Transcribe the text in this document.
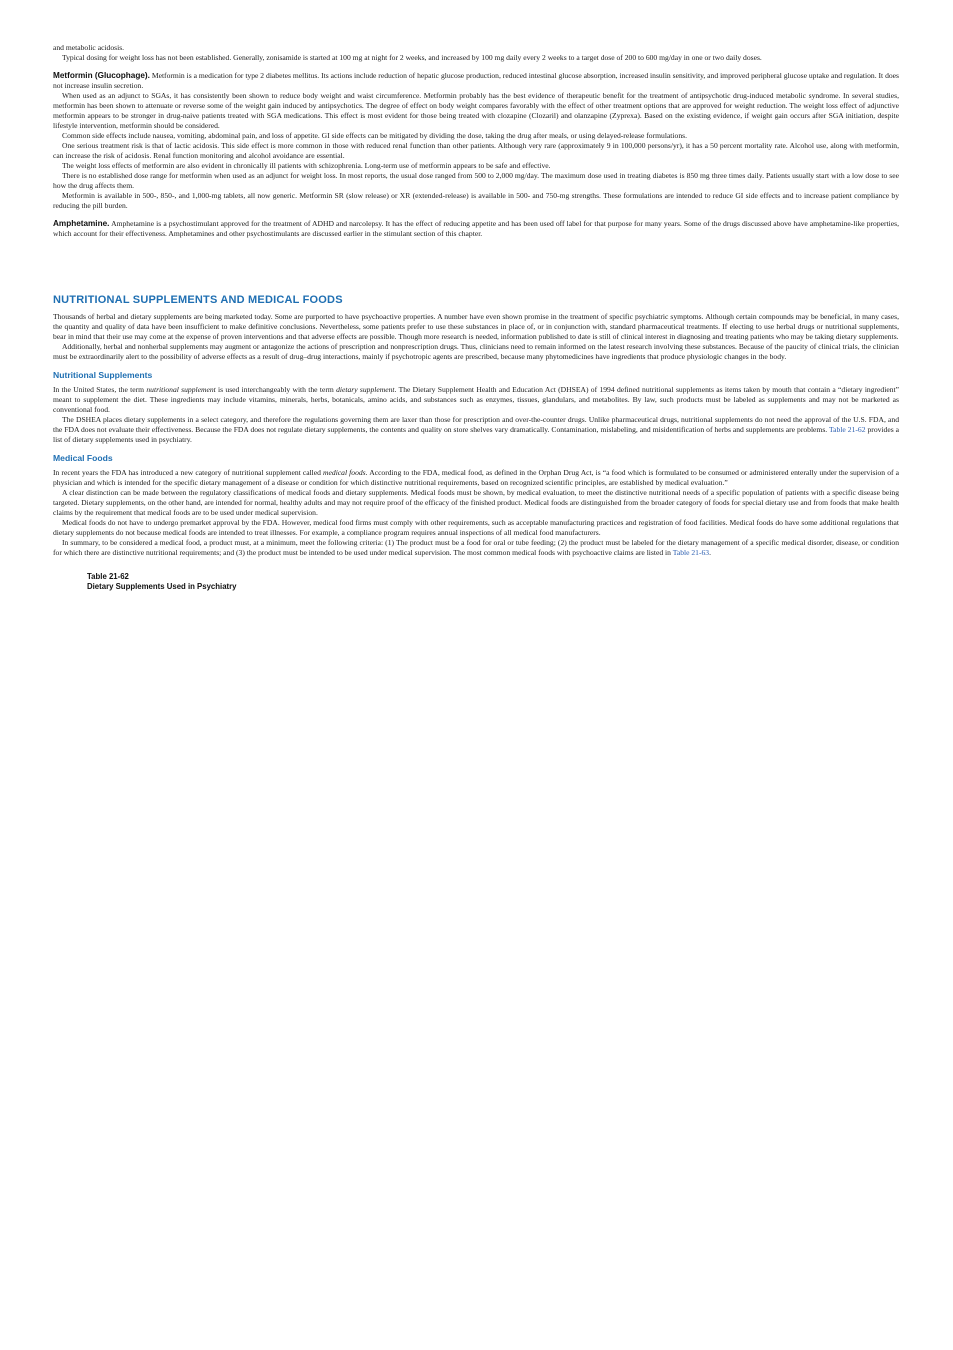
and metabolic acidosis.

Typical dosing for weight loss has not been established. Generally, zonisamide is started at 100 mg at night for 2 weeks, and increased by 100 mg daily every 2 weeks to a target dose of 200 to 600 mg/day in one or two daily doses.

Metformin (Glucophage). Metformin is a medication for type 2 diabetes mellitus. Its actions include reduction of hepatic glucose production, reduced intestinal glucose absorption, increased insulin sensitivity, and improved peripheral glucose uptake and regulation. It does not increase insulin secretion.

When used as an adjunct to SGAs, it has consistently been shown to reduce body weight and waist circumference. Metformin probably has the best evidence of therapeutic benefit for the treatment of antipsychotic drug-induced metabolic syndrome. In several studies, metformin has been shown to attenuate or reverse some of the weight gain induced by antipsychotics. The degree of effect on body weight compares favorably with the effect of other treatment options that are approved for weight reduction. The weight loss effect of adjunctive metformin appears to be stronger in drug-naive patients treated with SGA medications. This effect is most evident for those being treated with clozapine (Clozaril) and olanzapine (Zyprexa). Based on the existing evidence, if weight gain occurs after SGA initiation, despite lifestyle intervention, metformin should be considered.

Common side effects include nausea, vomiting, abdominal pain, and loss of appetite. GI side effects can be mitigated by dividing the dose, taking the drug after meals, or using delayed-release formulations.

One serious treatment risk is that of lactic acidosis. This side effect is more common in those with reduced renal function than other patients. Although very rare (approximately 9 in 100,000 persons/yr), it has a 50 percent mortality rate. Alcohol use, along with metformin, can increase the risk of acidosis. Renal function monitoring and alcohol avoidance are essential.

The weight loss effects of metformin are also evident in chronically ill patients with schizophrenia. Long-term use of metformin appears to be safe and effective.

There is no established dose range for metformin when used as an adjunct for weight loss. In most reports, the usual dose ranged from 500 to 2,000 mg/day. The maximum dose used in treating diabetes is 850 mg three times daily. Patients usually start with a low dose to see how the drug affects them.

Metformin is available in 500-, 850-, and 1,000-mg tablets, all now generic. Metformin SR (slow release) or XR (extended-release) is available in 500- and 750-mg strengths. These formulations are intended to reduce GI side effects and to increase patient compliance by reducing the pill burden.

Amphetamine. Amphetamine is a psychostimulant approved for the treatment of ADHD and narcolepsy. It has the effect of reducing appetite and has been used off label for that purpose for many years. Some of the drugs discussed above have amphetamine-like properties, which account for their effectiveness. Amphetamines and other psychostimulants are discussed earlier in the stimulant section of this chapter.

NUTRITIONAL SUPPLEMENTS AND MEDICAL FOODS

Thousands of herbal and dietary supplements are being marketed today. Some are purported to have psychoactive properties. A number have even shown promise in the treatment of specific psychiatric symptoms. Although certain compounds may be beneficial, in many cases, the quantity and quality of data have been insufficient to make definitive conclusions. Nevertheless, some patients prefer to use these substances in place of, or in conjunction with, standard pharmaceutical treatments. If electing to use herbal drugs or nutritional supplements, bear in mind that their use may come at the expense of proven interventions and that adverse effects are possible. Though more research is needed, information published to date is still of clinical interest in diagnosing and treating patients who may be taking dietary supplements.

Additionally, herbal and nonherbal supplements may augment or antagonize the actions of prescription and nonprescription drugs. Thus, clinicians need to remain informed on the latest research involving these substances. Because of the paucity of clinical trials, the clinician must be extraordinarily alert to the possibility of adverse effects as a result of drug–drug interactions, mainly if psychotropic agents are prescribed, because many phytomedicines have ingredients that produce physiologic changes in the body.

Nutritional Supplements

In the United States, the term nutritional supplement is used interchangeably with the term dietary supplement. The Dietary Supplement Health and Education Act (DHSEA) of 1994 defined nutritional supplements as items taken by mouth that contain a “dietary ingredient” meant to supplement the diet. These ingredients may include vitamins, minerals, herbs, botanicals, amino acids, and substances such as enzymes, tissues, glandulars, and metabolites. By law, such products must be labeled as supplements and may not be marketed as conventional food.

The DSHEA places dietary supplements in a select category, and therefore the regulations governing them are laxer than those for prescription and over-the-counter drugs. Unlike pharmaceutical drugs, nutritional supplements do not need the approval of the U.S. FDA, and the FDA does not evaluate their effectiveness. Because the FDA does not regulate dietary supplements, the contents and quality on store shelves vary dramatically. Contamination, mislabeling, and misidentification of herbs and supplements are problems. Table 21-62 provides a list of dietary supplements used in psychiatry.

Medical Foods

In recent years the FDA has introduced a new category of nutritional supplement called medical foods. According to the FDA, medical food, as defined in the Orphan Drug Act, is “a food which is formulated to be consumed or administered enterally under the supervision of a physician and which is intended for the specific dietary management of a disease or condition for which distinctive nutritional requirements, based on recognized scientific principles, are established by medical evaluation.”

A clear distinction can be made between the regulatory classifications of medical foods and dietary supplements. Medical foods must be shown, by medical evaluation, to meet the distinctive nutritional needs of a specific population of patients with a specific disease being targeted. Dietary supplements, on the other hand, are intended for normal, healthy adults and may not require proof of the efficacy of the finished product. Medical foods are distinguished from the broader category of foods for special dietary use and from foods that make health claims by the requirement that medical foods are to be used under medical supervision.

Medical foods do not have to undergo premarket approval by the FDA. However, medical food firms must comply with other requirements, such as acceptable manufacturing practices and registration of food facilities. Medical foods do have some additional regulations that dietary supplements do not because medical foods are intended to treat illnesses. For example, a compliance program requires annual inspections of all medical food manufacturers.

In summary, to be considered a medical food, a product must, at a minimum, meet the following criteria: (1) The product must be a food for oral or tube feeding; (2) the product must be labeled for the dietary management of a specific medical disorder, disease, or condition for which there are distinctive nutritional requirements; and (3) the product must be intended to be used under medical supervision. The most common medical foods with psychoactive claims are listed in Table 21-63.

Table 21-62
Dietary Supplements Used in Psychiatry
